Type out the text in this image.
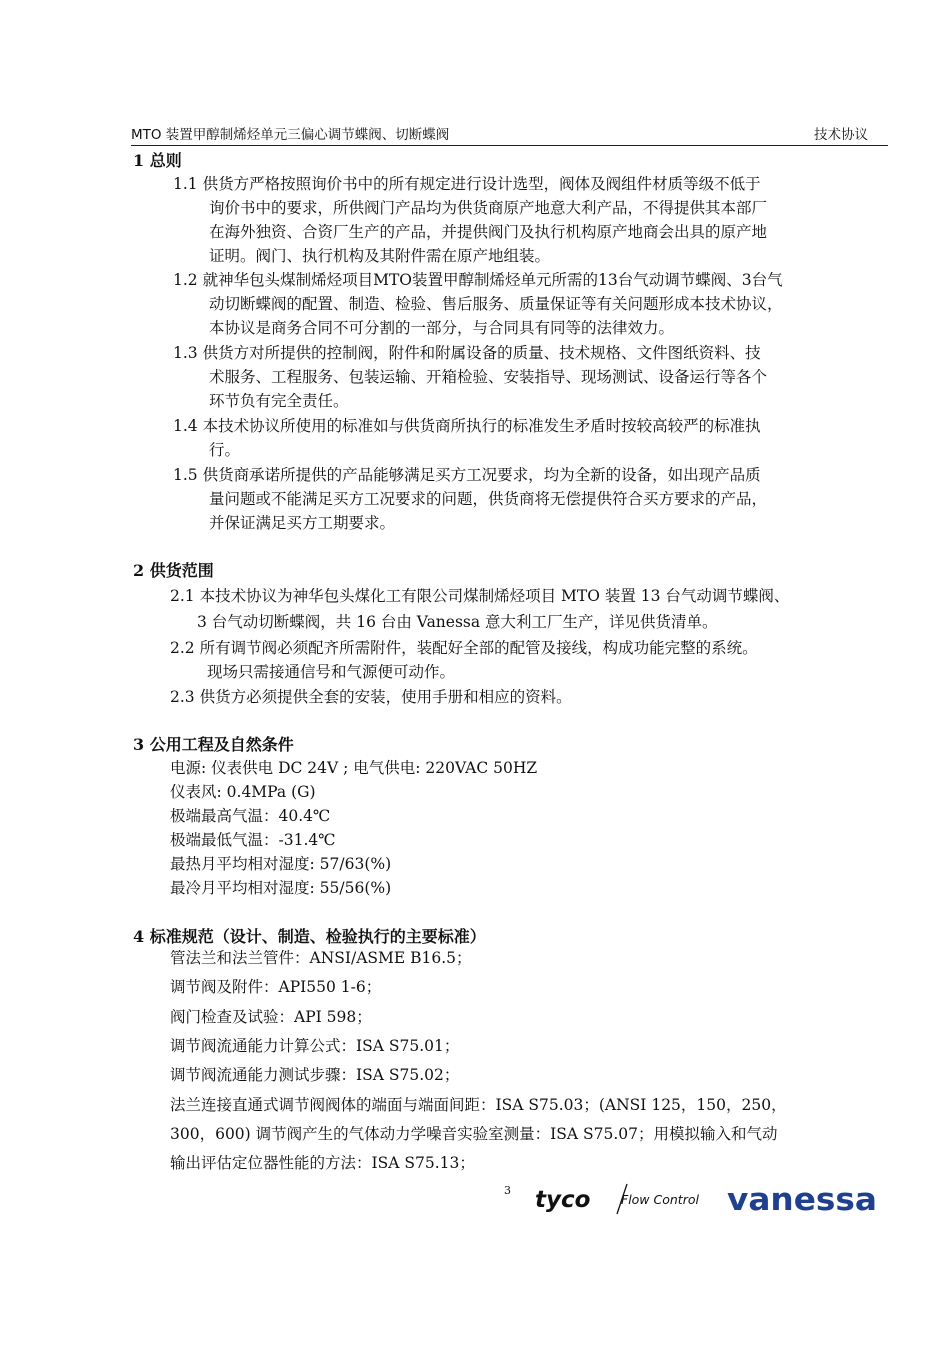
MTO 装置甲醇制烯烃单元三偏心调节蝶阀、切断蝶阀	技术协议
1 总则
1.1 供货方严格按照询价书中的所有规定进行设计选型，阀体及阀组件材质等级不低于
询价书中的要求，所供阀门产品均为供货商原产地意大利产品，不得提供其本部厂
在海外独资、合资厂生产的产品，并提供阀门及执行机构原产地商会出具的原产地
证明。阀门、执行机构及其附件需在原产地组装。
1.2 就神华包头煤制烯烃项目MTO装置甲醇制烯烃单元所需的13台气动调节蝶阀、3台气
动切断蝶阀的配置、制造、检验、售后服务、质量保证等有关问题形成本技术协议，
本协议是商务合同不可分割的一部分，与合同具有同等的法律效力。
1.3 供货方对所提供的控制阀，附件和附属设备的质量、技术规格、文件图纸资料、技
术服务、工程服务、包装运输、开箱检验、安装指导、现场测试、设备运行等各个
环节负有完全责任。
1.4 本技术协议所使用的标准如与供货商所执行的标准发生矛盾时按较高较严的标准执
行。
1.5 供货商承诺所提供的产品能够满足买方工况要求，均为全新的设备，如出现产品质
量问题或不能满足买方工况要求的问题，供货商将无偿提供符合买方要求的产品，
并保证满足买方工期要求。
2 供货范围
2.1 本技术协议为神华包头煤化工有限公司煤制烯烃项目 MTO 装置 13 台气动调节蝶阀、
3 台气动切断蝶阀，共 16 台由 Vanessa 意大利工厂生产，详见供货清单。
2.2 所有调节阀必须配齐所需附件，装配好全部的配管及接线，构成功能完整的系统。
现场只需接通信号和气源便可动作。
2.3 供货方必须提供全套的安装，使用手册和相应的资料。
3 公用工程及自然条件
电源: 仪表供电 DC 24V ; 电气供电: 220VAC 50HZ
仪表风: 0.4MPa (G)
极端最高气温：40.4℃
极端最低气温：-31.4℃
最热月平均相对湿度: 57/63(%)
最冷月平均相对湿度: 55/56(%)
4 标准规范（设计、制造、检验执行的主要标准）
管法兰和法兰管件：ANSI/ASME B16.5；
调节阀及附件：API550 1-6；
阀门检查及试验：API 598；
调节阀流通能力计算公式：ISA S75.01；
调节阀流通能力测试步骤：ISA S75.02；
法兰连接直通式调节阀阀体的端面与端面间距：ISA S75.03；(ANSI 125，150，250，
300，600) 调节阀产生的气体动力学噪音实验室测量：ISA S75.07；用模拟输入和气动
输出评估定位器性能的方法：ISA S75.13；
3 tyco Flow Control vanessa
